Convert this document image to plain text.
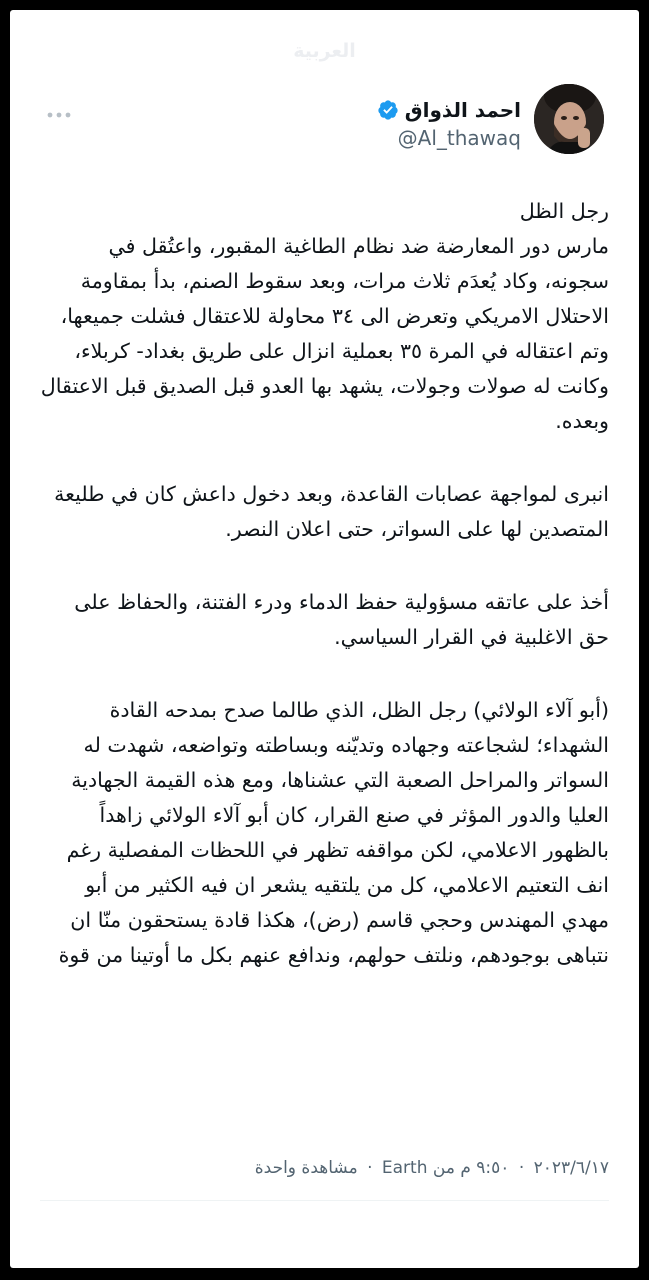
العربية
احمد الذواق
@Al_thawaq

رجل الظل
مارس دور المعارضة ضد نظام الطاغية المقبور، واعتُقل في سجونه، وكاد يُعدَم ثلاث مرات، وبعد سقوط الصنم، بدأ بمقاومة الاحتلال الامريكي وتعرض الى ٣٤ محاولة للاعتقال فشلت جميعها، وتم اعتقاله في المرة ٣٥ بعملية انزال على طريق بغداد- كربلاء، وكانت له صولات وجولات، يشهد بها العدو قبل الصديق قبل الاعتقال وبعده.

انبرى لمواجهة عصابات القاعدة، وبعد دخول داعش كان في طليعة المتصدين لها على السواتر، حتى اعلان النصر.

أخذ على عاتقه مسؤولية حفظ الدماء ودرء الفتنة، والحفاظ على حق الاغلبية في القرار السياسي.

(أبو آلاء الولائي) رجل الظل، الذي طالما صدح بمدحه القادة الشهداء؛ لشجاعته وجهاده وتديّنه وبساطته وتواضعه، شهدت له السواتر والمراحل الصعبة التي عشناها، ومع هذه القيمة الجهادية العليا والدور المؤثر في صنع القرار، كان أبو آلاء الولائي زاهداً بالظهور الاعلامي، لكن مواقفه تظهر في اللحظات المفصلية رغم انف التعتيم الاعلامي، كل من يلتقيه يشعر ان فيه الكثير من أبو مهدي المهندس وحجي قاسم (رض)، هكذا قادة يستحقون منّا ان نتباهى بوجودهم، ونلتف حولهم، وندافع عنهم بكل ما أوتينا من قوة

٢٠٢٣/٦/١٧ · ٩:٥٠ م من Earth · مشاهدة واحدة
